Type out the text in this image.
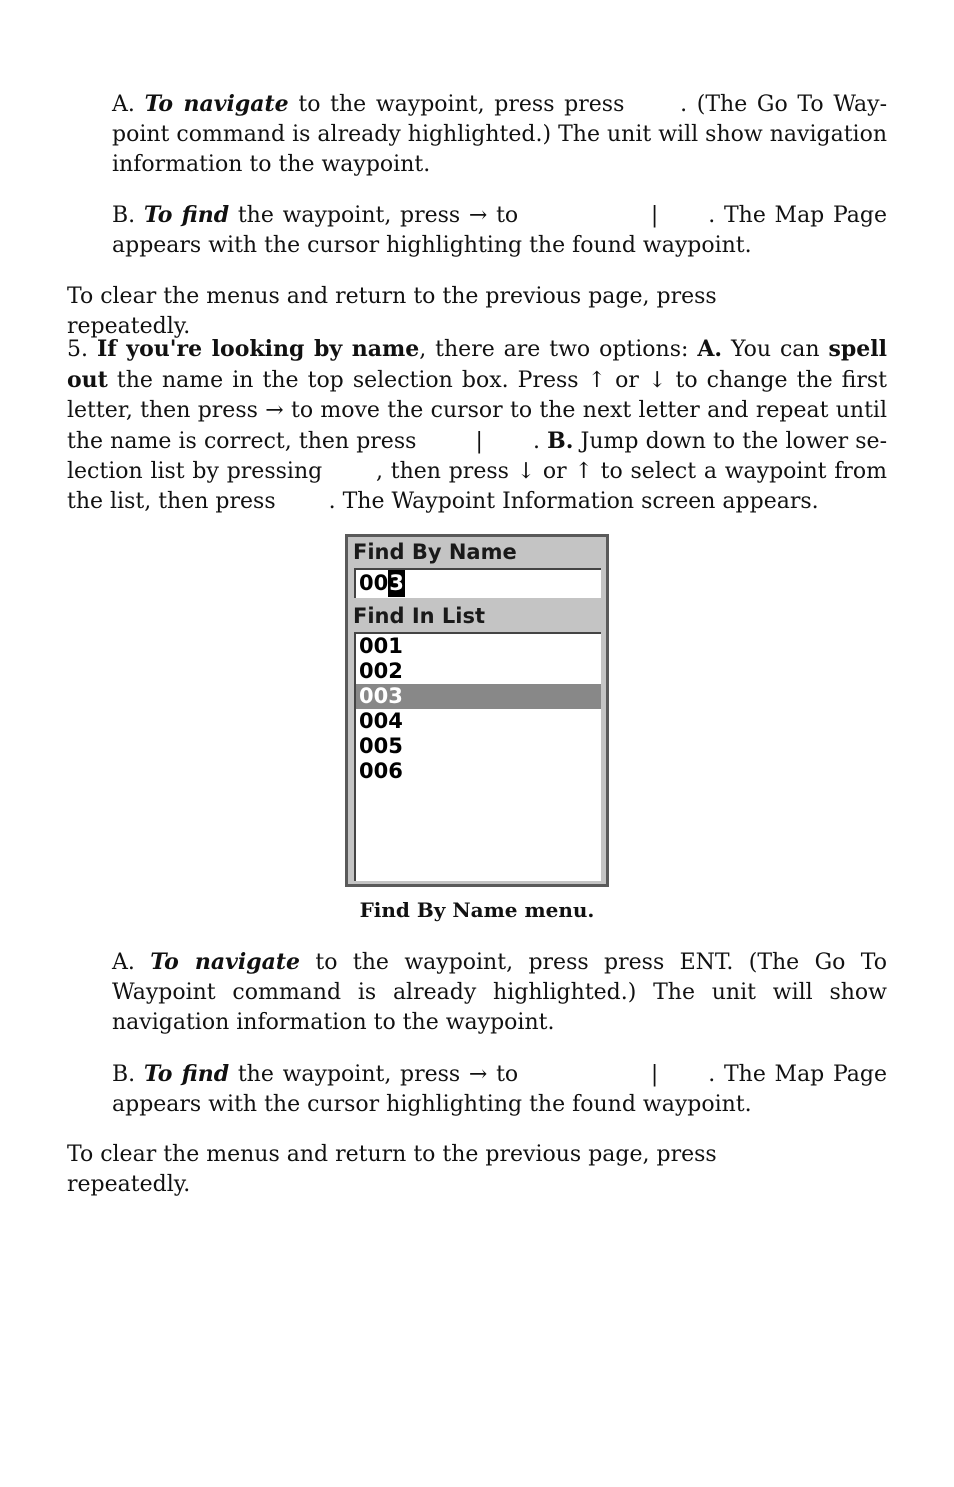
A. To navigate to the waypoint, press press . (The Go To Waypoint command is already highlighted.) The unit will show navigation information to the waypoint.

B. To find the waypoint, press → to	| . The Map Page appears with the cursor highlighting the found waypoint.

To clear the menus and return to the previous page, press repeatedly.

5. If you're looking by name, there are two options: A. You can spell out the name in the top selection box. Press ↑ or ↓ to change the first letter, then press → to move the cursor to the next letter and repeat until the name is correct, then press | . B. Jump down to the lower selection list by pressing , then press ↓ or ↑ to select a waypoint from the list, then press . The Waypoint Information screen appears.

Find By Name
003
Find In List
001
002
003
004
005
006
Find By Name menu.

A. To navigate to the waypoint, press press ENT. (The Go To Waypoint command is already highlighted.) The unit will show navigation information to the waypoint.

B. To find the waypoint, press → to	| . The Map Page appears with the cursor highlighting the found waypoint.

To clear the menus and return to the previous page, press repeatedly.
